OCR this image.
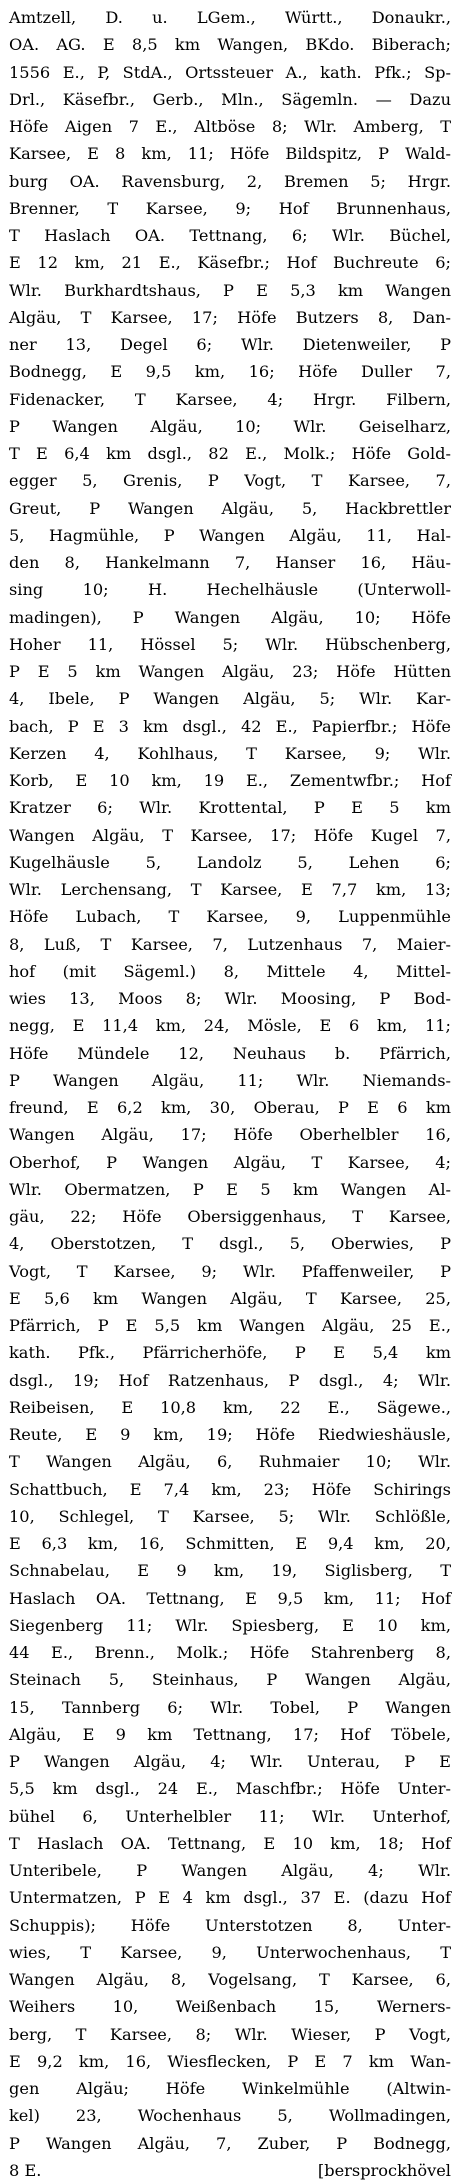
Amtzell, D. u. LGem., Württ., Donaukr.,
OA. AG. E 8,5 km Wangen, BKdo. Biberach;
1556 E., P, StdA., Ortssteuer A., kath. Pfk.; Sp-
Drl., Käsefbr., Gerb., Mln., Sägemln. — Dazu
Höfe Aigen 7 E., Altböse 8; Wlr. Amberg, T
Karsee, E 8 km, 11; Höfe Bildspitz, P Wald-
burg OA. Ravensburg, 2, Bremen 5; Hrgr.
Brenner, T Karsee, 9; Hof Brunnenhaus,
T Haslach OA. Tettnang, 6; Wlr. Büchel,
E 12 km, 21 E., Käsefbr.; Hof Buchreute 6;
Wlr. Burkhardtshaus, P E 5,3 km Wangen
Algäu, T Karsee, 17; Höfe Butzers 8, Dan-
ner 13, Degel 6; Wlr. Dietenweiler, P
Bodnegg, E 9,5 km, 16; Höfe Duller 7,
Fidenacker, T Karsee, 4; Hrgr. Filbern,
P Wangen Algäu, 10; Wlr. Geiselharz,
T E 6,4 km dsgl., 82 E., Molk.; Höfe Gold-
egger 5, Grenis, P Vogt, T Karsee, 7,
Greut, P Wangen Algäu, 5, Hackbrettler
5, Hagmühle, P Wangen Algäu, 11, Hal-
den 8, Hankelmann 7, Hanser 16, Häu-
sing 10; H. Hechelhäusle (Unterwoll-
madingen), P Wangen Algäu, 10; Höfe
Hoher 11, Hössel 5; Wlr. Hübschenberg,
P E 5 km Wangen Algäu, 23; Höfe Hütten
4, Ibele, P Wangen Algäu, 5; Wlr. Kar-
bach, P E 3 km dsgl., 42 E., Papierfbr.; Höfe
Kerzen 4, Kohlhaus, T Karsee, 9; Wlr.
Korb, E 10 km, 19 E., Zementwfbr.; Hof
Kratzer 6; Wlr. Krottental, P E 5 km
Wangen Algäu, T Karsee, 17; Höfe Kugel 7,
Kugelhäusle 5, Landolz 5, Lehen 6;
Wlr. Lerchensang, T Karsee, E 7,7 km, 13;
Höfe Lubach, T Karsee, 9, Luppenmühle
8, Luß, T Karsee, 7, Lutzenhaus 7, Maier-
hof (mit Sägeml.) 8, Mittele 4, Mittel-
wies 13, Moos 8; Wlr. Moosing, P Bod-
negg, E 11,4 km, 24, Mösle, E 6 km, 11;
Höfe Mündele 12, Neuhaus b. Pfärrich,
P Wangen Algäu, 11; Wlr. Niemands-
freund, E 6,2 km, 30, Oberau, P E 6 km
Wangen Algäu, 17; Höfe Oberhelbler 16,
Oberhof, P Wangen Algäu, T Karsee, 4;
Wlr. Obermatzen, P E 5 km Wangen Al-
gäu, 22; Höfe Obersiggenhaus, T Karsee,
4, Oberstotzen, T dsgl., 5, Oberwies, P
Vogt, T Karsee, 9; Wlr. Pfaffenweiler, P
E 5,6 km Wangen Algäu, T Karsee, 25,
Pfärrich, P E 5,5 km Wangen Algäu, 25 E.,
kath. Pfk., Pfärricherhöfe, P E 5,4 km
dsgl., 19; Hof Ratzenhaus, P dsgl., 4; Wlr.
Reibeisen, E 10,8 km, 22 E., Sägewe.,
Reute, E 9 km, 19; Höfe Riedwieshäusle,
T Wangen Algäu, 6, Ruhmaier 10; Wlr.
Schattbuch, E 7,4 km, 23; Höfe Schirings
10, Schlegel, T Karsee, 5; Wlr. Schlößle,
E 6,3 km, 16, Schmitten, E 9,4 km, 20,
Schnabelau, E 9 km, 19, Siglisberg, T
Haslach OA. Tettnang, E 9,5 km, 11; Hof
Siegenberg 11; Wlr. Spiesberg, E 10 km,
44 E., Brenn., Molk.; Höfe Stahrenberg 8,
Steinach 5, Steinhaus, P Wangen Algäu,
15, Tannberg 6; Wlr. Tobel, P Wangen
Algäu, E 9 km Tettnang, 17; Hof Töbele,
P Wangen Algäu, 4; Wlr. Unterau, P E
5,5 km dsgl., 24 E., Maschfbr.; Höfe Unter-
bühel 6, Unterhelbler 11; Wlr. Unterhof,
T Haslach OA. Tettnang, E 10 km, 18; Hof
Unteribele, P Wangen Algäu, 4; Wlr.
Untermatzen, P E 4 km dsgl., 37 E. (dazu Hof
Schuppis); Höfe Unterstotzen 8, Unter-
wies, T Karsee, 9, Unterwochenhaus, T
Wangen Algäu, 8, Vogelsang, T Karsee, 6,
Weihers 10, Weißenbach 15, Werners-
berg, T Karsee, 8; Wlr. Wieser, P Vogt,
E 9,2 km, 16, Wiesflecken, P E 7 km Wan-
gen Algäu; Höfe Winkelmühle (Altwin-
kel) 23, Wochenhaus 5, Wollmadingen,
P Wangen Algäu, 7, Zuber, P Bodnegg,
8 E.	[bersprockhövel
